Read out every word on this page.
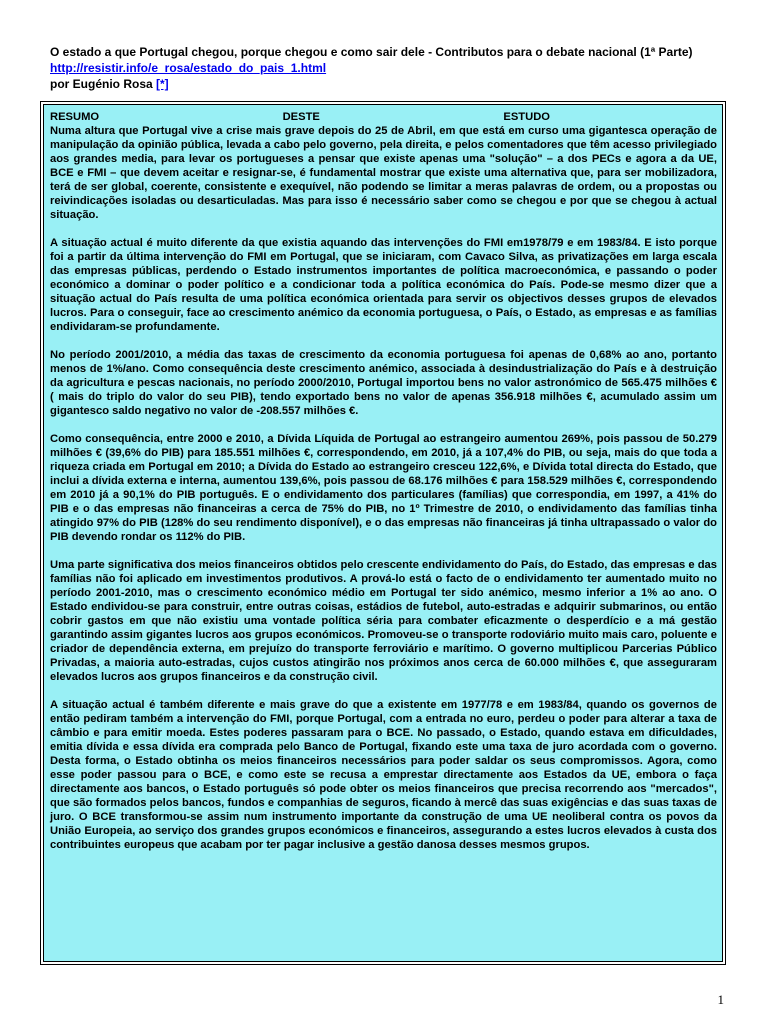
O estado a que Portugal chegou, porque chegou e como sair dele - Contributos para o debate nacional (1ª Parte)
http://resistir.info/e_rosa/estado_do_pais_1.html
por Eugénio Rosa [*]
RESUMO	DESTE	ESTUDO

Numa altura que Portugal vive a crise mais grave depois do 25 de Abril, em que está em curso uma gigantesca operação de manipulação da opinião pública, levada a cabo pelo governo, pela direita, e pelos comentadores que têm acesso privilegiado aos grandes media, para levar os portugueses a pensar que existe apenas uma "solução" – a dos PECs e agora a da UE, BCE e FMI – que devem aceitar e resignar-se, é fundamental mostrar que existe uma alternativa que, para ser mobilizadora, terá de ser global, coerente, consistente e exequível, não podendo se limitar a meras palavras de ordem, ou a propostas ou reivindicações isoladas ou desarticuladas. Mas para isso é necessário saber como se chegou e por que se chegou à actual situação.

A situação actual é muito diferente da que existia aquando das intervenções do FMI em1978/79 e em 1983/84. E isto porque foi a partir da última intervenção do FMI em Portugal, que se iniciaram, com Cavaco Silva, as privatizações em larga escala das empresas públicas, perdendo o Estado instrumentos importantes de política macroeconómica, e passando o poder económico a dominar o poder político e a condicionar toda a política económica do País. Pode-se mesmo dizer que a situação actual do País resulta de uma política económica orientada para servir os objectivos desses grupos de elevados lucros. Para o conseguir, face ao crescimento anémico da economia portuguesa, o País, o Estado, as empresas e as famílias endividaram-se profundamente.

No período 2001/2010, a média das taxas de crescimento da economia portuguesa foi apenas de 0,68% ao ano, portanto menos de 1%/ano. Como consequência deste crescimento anémico, associada à desindustrialização do País e à destruição da agricultura e pescas nacionais, no período 2000/2010, Portugal importou bens no valor astronómico de 565.475 milhões € ( mais do triplo do valor do seu PIB), tendo exportado bens no valor de apenas 356.918 milhões €, acumulado assim um gigantesco saldo negativo no valor de -208.557 milhões €.

Como consequência, entre 2000 e 2010, a Dívida Líquida de Portugal ao estrangeiro aumentou 269%, pois passou de 50.279 milhões € (39,6% do PIB) para 185.551 milhões €, correspondendo, em 2010, já a 107,4% do PIB, ou seja, mais do que toda a riqueza criada em Portugal em 2010; a Dívida do Estado ao estrangeiro cresceu 122,6%, e Dívida total directa do Estado, que inclui a dívida externa e interna, aumentou 139,6%, pois passou de 68.176 milhões € para 158.529 milhões €, correspondendo em 2010 já a 90,1% do PIB português. E o endividamento dos particulares (famílias) que correspondia, em 1997, a 41% do PIB e o das empresas não financeiras a cerca de 75% do PIB, no 1º Trimestre de 2010, o endividamento das famílias tinha atingido 97% do PIB (128% do seu rendimento disponível), e o das empresas não financeiras já tinha ultrapassado o valor do PIB devendo rondar os 112% do PIB.

Uma parte significativa dos meios financeiros obtidos pelo crescente endividamento do País, do Estado, das empresas e das famílias não foi aplicado em investimentos produtivos. A prová-lo está o facto de o endividamento ter aumentado muito no período 2001-2010, mas o crescimento económico médio em Portugal ter sido anémico, mesmo inferior a 1% ao ano. O Estado endividou-se para construir, entre outras coisas, estádios de futebol, auto-estradas e adquirir submarinos, ou então cobrir gastos em que não existiu uma vontade política séria para combater eficazmente o desperdício e a má gestão garantindo assim gigantes lucros aos grupos económicos. Promoveu-se o transporte rodoviário muito mais caro, poluente e criador de dependência externa, em prejuízo do transporte ferroviário e marítimo. O governo multiplicou Parcerias Público Privadas, a maioria auto-estradas, cujos custos atingirão nos próximos anos cerca de 60.000 milhões €, que asseguraram elevados lucros aos grupos financeiros e da construção civil.

A situação actual é também diferente e mais grave do que a existente em 1977/78 e em 1983/84, quando os governos de então pediram também a intervenção do FMI, porque Portugal, com a entrada no euro, perdeu o poder para alterar a taxa de câmbio e para emitir moeda. Estes poderes passaram para o BCE. No passado, o Estado, quando estava em dificuldades, emitia dívida e essa dívida era comprada pelo Banco de Portugal, fixando este uma taxa de juro acordada com o governo. Desta forma, o Estado obtinha os meios financeiros necessários para poder saldar os seus compromissos. Agora, como esse poder passou para o BCE, e como este se recusa a emprestar directamente aos Estados da UE, embora o faça directamente aos bancos, o Estado português só pode obter os meios financeiros que precisa recorrendo aos "mercados", que são formados pelos bancos, fundos e companhias de seguros, ficando à mercê das suas exigências e das suas taxas de juro. O BCE transformou-se assim num instrumento importante da construção de uma UE neoliberal contra os povos da União Europeia, ao serviço dos grandes grupos económicos e financeiros, assegurando a estes lucros elevados à custa dos contribuintes europeus que acabam por ter pagar inclusive a gestão danosa desses mesmos grupos.

1
